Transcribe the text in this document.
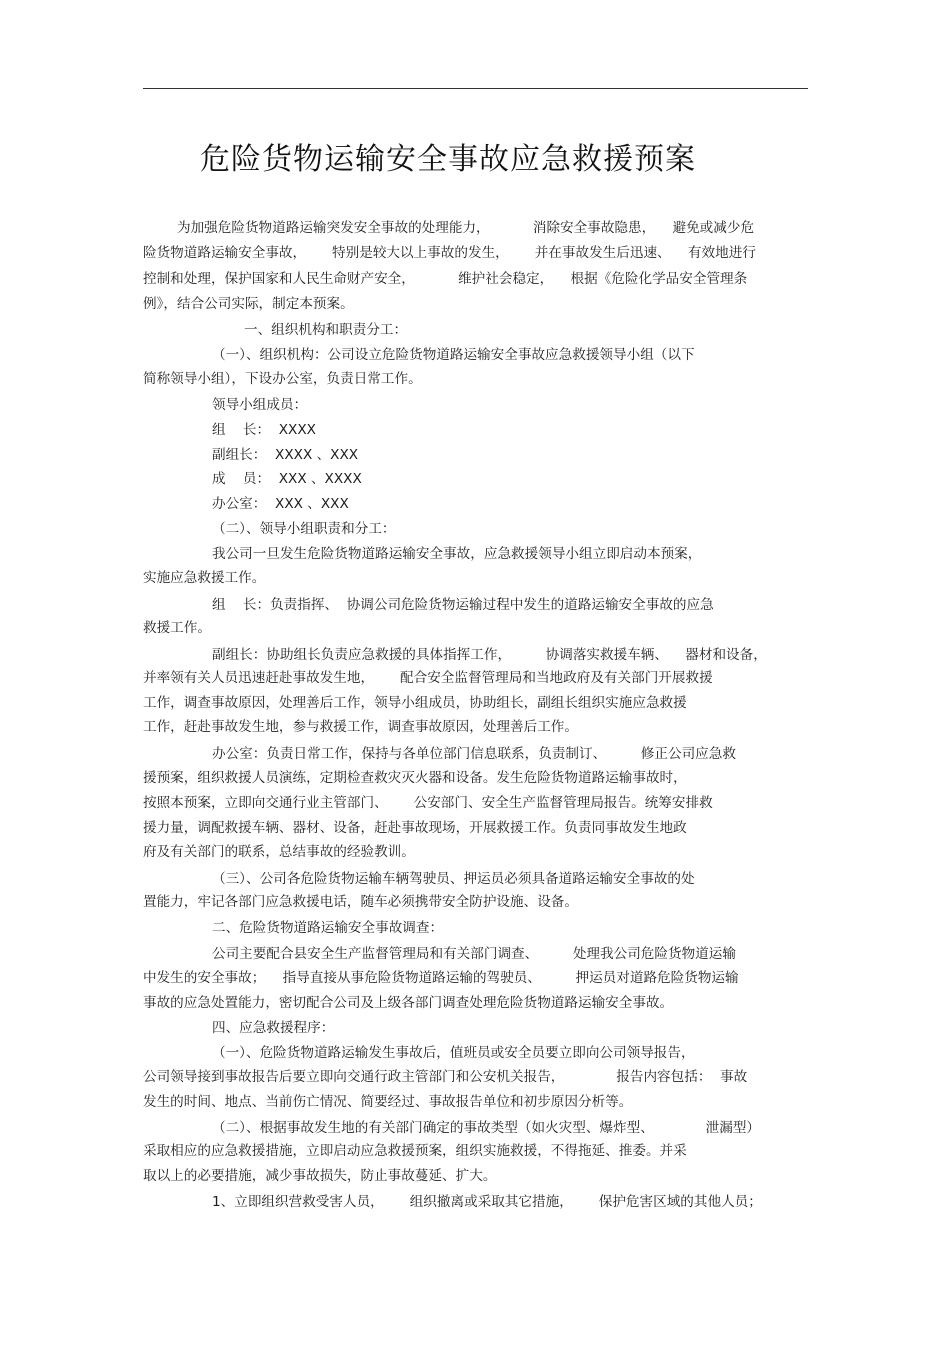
危险货物运输安全事故应急救援预案
为加强危险货物道路运输突发安全事故的处理能力，          消除安全事故隐患，    避免或减少危
险货物道路运输安全事故，      特别是较大以上事故的发生，      并在事故发生后迅速、    有效地进行
控制和处理，保护国家和人民生命财产安全，          维护社会稳定，    根据《危险化学品安全管理条
例》，结合公司实际，制定本预案。
一、组织机构和职责分工：
（一）、组织机构：公司设立危险货物道路运输安全事故应急救援领导小组（以下
简称领导小组），下设办公室，负责日常工作。
领导小组成员：
组    长：  XXXX
副组长：  XXXX 、XXX
成    员：  XXX 、XXXX
办公室：  XXX 、XXX
（二）、领导小组职责和分工：
我公司一旦发生危险货物道路运输安全事故，应急救援领导小组立即启动本预案，
实施应急救援工作。
组    长：负责指挥、  协调公司危险货物运输过程中发生的道路运输安全事故的应急
救援工作。
副组长：协助组长负责应急救援的具体指挥工作，        协调落实救援车辆、    器材和设备，
并率领有关人员迅速赶赴事故发生地，      配合安全监督管理局和当地政府及有关部门开展救援
工作，调查事故原因，处理善后工作，领导小组成员，协助组长，副组长组织实施应急救援
工作，赶赴事故发生地，参与救援工作，调查事故原因，处理善后工作。
办公室：负责日常工作，保持与各单位部门信息联系，负责制订、        修正公司应急救
援预案，组织救援人员演练，定期检查救灾灭火器和设备。发生危险货物道路运输事故时，
按照本预案，立即向交通行业主管部门、      公安部门、安全生产监督管理局报告。统筹安排救
援力量，调配救援车辆、器材、设备，赶赴事故现场，开展救援工作。负责同事故发生地政
府及有关部门的联系，总结事故的经验教训。
（三）、公司各危险货物运输车辆驾驶员、押运员必须具备道路运输安全事故的处
置能力，牢记各部门应急救援电话，随车必须携带安全防护设施、设备。
二、危险货物道路运输安全事故调查：
公司主要配合县安全生产监督管理局和有关部门调查、        处理我公司危险货物道运输
中发生的安全事故；    指导直接从事危险货物道路运输的驾驶员、        押运员对道路危险货物运输
事故的应急处置能力，密切配合公司及上级各部门调查处理危险货物道路运输安全事故。
四、应急救援程序：
（一）、危险货物道路运输发生事故后，值班员或安全员要立即向公司领导报告，
公司领导接到事故报告后要立即向交通行政主管部门和公安机关报告，            报告内容包括：  事故
发生的时间、地点、当前伤亡情况、简要经过、事故报告单位和初步原因分析等。
（二）、根据事故发生地的有关部门确定的事故类型（如火灾型、爆炸型、            泄漏型）
采取相应的应急救援措施，立即启动应急救援预案，组织实施救援，不得拖延、推委。并采
取以上的必要措施，减少事故损失，防止事故蔓延、扩大。
1、立即组织营救受害人员，      组织撤离或采取其它措施，      保护危害区域的其他人员；
